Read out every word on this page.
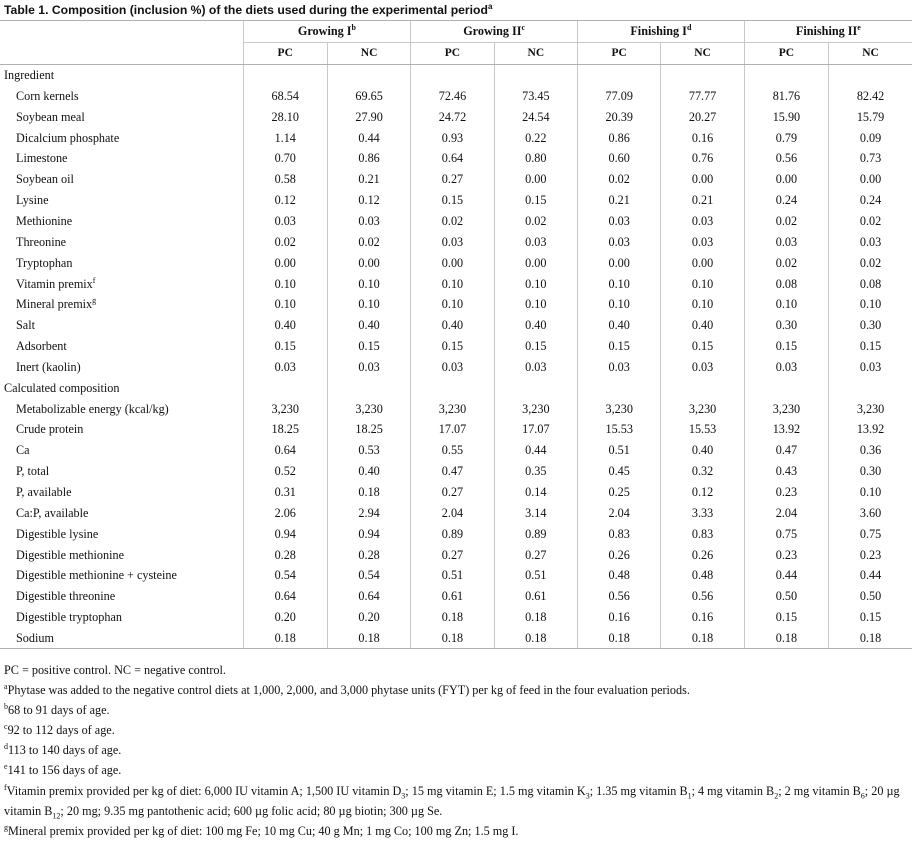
Table 1. Composition (inclusion %) of the diets used during the experimental period$^a$
	Growing $I^b$		Growing $II^c$		Finishing $I^d$		Finishing IIe
	PC	NC	PC	NC	PC	NC	PC	NC
Ingredient								
Corn kernels	68.54	69.65	72.46	73.45	77.09	77.77	81.76	82.42
Soybean meal	28.10	27.90	24.72	24.54	20.39	20.27	15.90	15.79
Dicalcium phosphate	1.14	0.44	0.93	0.22	0.86	0.16	0.79	0.09
Limestone	0.70	0.86	0.64	0.80	0.60	0.76	0.56	0.73
Soybean oil	0.58	0.21	0.27	0.00	0.02	0.00	0.00	0.00
Lysine	0.12	0.12	0.15	0.15	0.21	0.21	0.24	0.24
Methionine	0.03	0.03	0.02	0.02	0.03	0.03	0.02	0.02
Threonine	0.02	0.02	0.03	0.03	0.03	0.03	0.03	0.03
Tryptophan	0.00	0.00	0.00	0.00	0.00	0.00	0.02	0.02
Vitamin premix$^f$	0.10	0.10	0.10	0.10	0.10	0.10	0.08	0.08
Mineral premix$^g$	0.10	0.10	0.10	0.10	0.10	0.10	0.10	0.10
Salt	0.40	0.40	0.40	0.40	0.40	0.40	0.30	0.30
Adsorbent	0.15	0.15	0.15	0.15	0.15	0.15	0.15	0.15
Inert (kaolin)	0.03	0.03	0.03	0.03	0.03	0.03	0.03	0.03
Calculated composition								
Metabolizable energy (kcal/kg)	3,230	3,230	3,230	3,230	3,230	3,230	3,230	3,230
Crude protein	18.25	18.25	17.07	17.07	15.53	15.53	13.92	13.92
Ca	0.64	0.53	0.55	0.44	0.51	0.40	0.47	0.36
P, total	0.52	0.40	0.47	0.35	0.45	0.32	0.43	0.30
P, available	0.31	0.18	0.27	0.14	0.25	0.12	0.23	0.10
Ca:P, available	2.06	2.94	2.04	3.14	2.04	3.33	2.04	3.60
Digestible lysine	0.94	0.94	0.89	0.89	0.83	0.83	0.75	0.75
Digestible methionine	0.28	0.28	0.27	0.27	0.26	0.26	0.23	0.23
Digestible methionine + cysteine	0.54	0.54	0.51	0.51	0.48	0.48	0.44	0.44
Digestible threonine	0.64	0.64	0.61	0.61	0.56	0.56	0.50	0.50
Digestible tryptophan	0.20	0.20	0.18	0.18	0.16	0.16	0.15	0.15
Sodium	0.18	0.18	0.18	0.18	0.18	0.18	0.18	0.18
PC = positive control. NC = negative control.
$^a$Phytase was added to the negative control diets at 1,000, 2,000, and 3,000 phytase units (FYT) per kg of feed in the four evaluation periods.
$^b$68 to 91 days of age.
$^c$92 to 112 days of age.
$^d$113 to 140 days of age.
$^e$141 to 156 days of age.
$^f$Vitamin premix provided per kg of diet: 6,000 IU vitamin A; 1,500 IU vitamin $D_3$; 15 mg vitamin E; 1.5 mg vitamin $K_3$; 1.35 mg vitamin $B_1$; 4 mg vitamin $B_2$; 2 mg vitamin $B_6$; 20 µg vitamin $B_{12}$; 20 mg; 9.35 mg pantothenic acid; 600 µg folic acid; 80 µg biotin; 300 µg Se.
$^g$Mineral premix provided per kg of diet: 100 mg Fe; 10 mg Cu; 40 g Mn; 1 mg Co; 100 mg Zn; 1.5 mg I.
